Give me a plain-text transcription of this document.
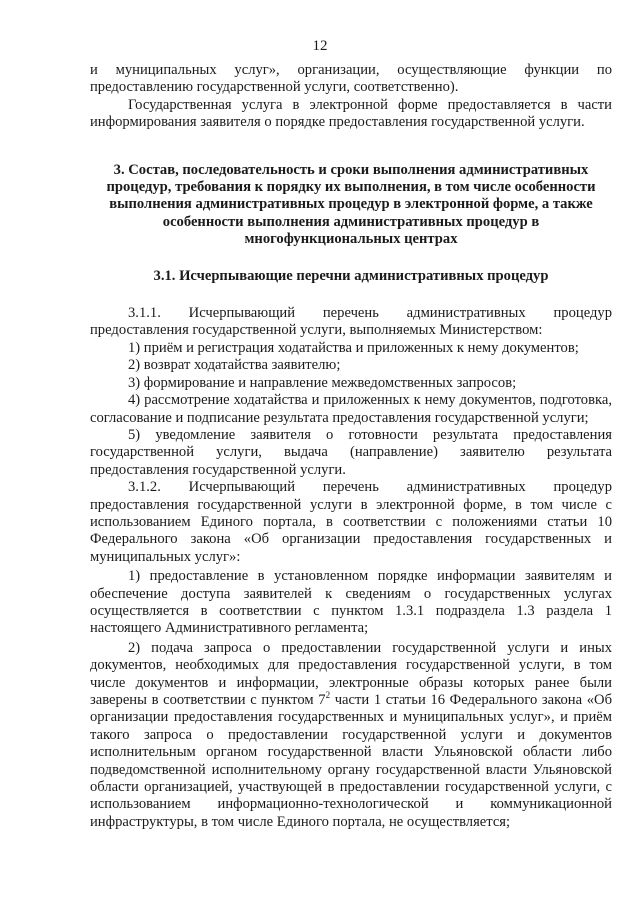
12

и муниципальных услуг», организации, осуществляющие функции по предоставлению государственной услуги, соответственно).

Государственная услуга в электронной форме предоставляется в части информирования заявителя о порядке предоставления государственной услуги.

3. Состав, последовательность и сроки выполнения административных процедур, требования к порядку их выполнения, в том числе особенности выполнения административных процедур в электронной форме, а также особенности выполнения административных процедур в многофункциональных центрах

3.1. Исчерпывающие перечни административных процедур

3.1.1. Исчерпывающий перечень административных процедур предоставления государственной услуги, выполняемых Министерством:

1) приём и регистрация ходатайства и приложенных к нему документов;

2) возврат ходатайства заявителю;

3) формирование и направление межведомственных запросов;

4) рассмотрение ходатайства и приложенных к нему документов, подготовка, согласование и подписание результата предоставления государственной услуги;

5) уведомление заявителя о готовности результата предоставления государственной услуги, выдача (направление) заявителю результата предоставления государственной услуги.

3.1.2. Исчерпывающий перечень административных процедур предоставления государственной услуги в электронной форме, в том числе с использованием Единого портала, в соответствии с положениями статьи 10 Федерального закона «Об организации предоставления государственных и муниципальных услуг»:

1) предоставление в установленном порядке информации заявителям и обеспечение доступа заявителей к сведениям о государственных услугах осуществляется в соответствии с пунктом 1.3.1 подраздела 1.3 раздела 1 настоящего Административного регламента;

2) подача запроса о предоставлении государственной услуги и иных документов, необходимых для предоставления государственной услуги, в том числе документов и информации, электронные образы которых ранее были заверены в соответствии с пунктом $7^2$ части 1 статьи 16 Федерального закона «Об организации предоставления государственных и муниципальных услуг», и приём такого запроса о предоставлении государственной услуги и документов исполнительным органом государственной власти Ульяновской области либо подведомственной исполнительному органу государственной власти Ульяновской области организацией, участвующей в предоставлении государственной услуги, с использованием информационно-технологической и коммуникационной инфраструктуры, в том числе Единого портала, не осуществляется;
